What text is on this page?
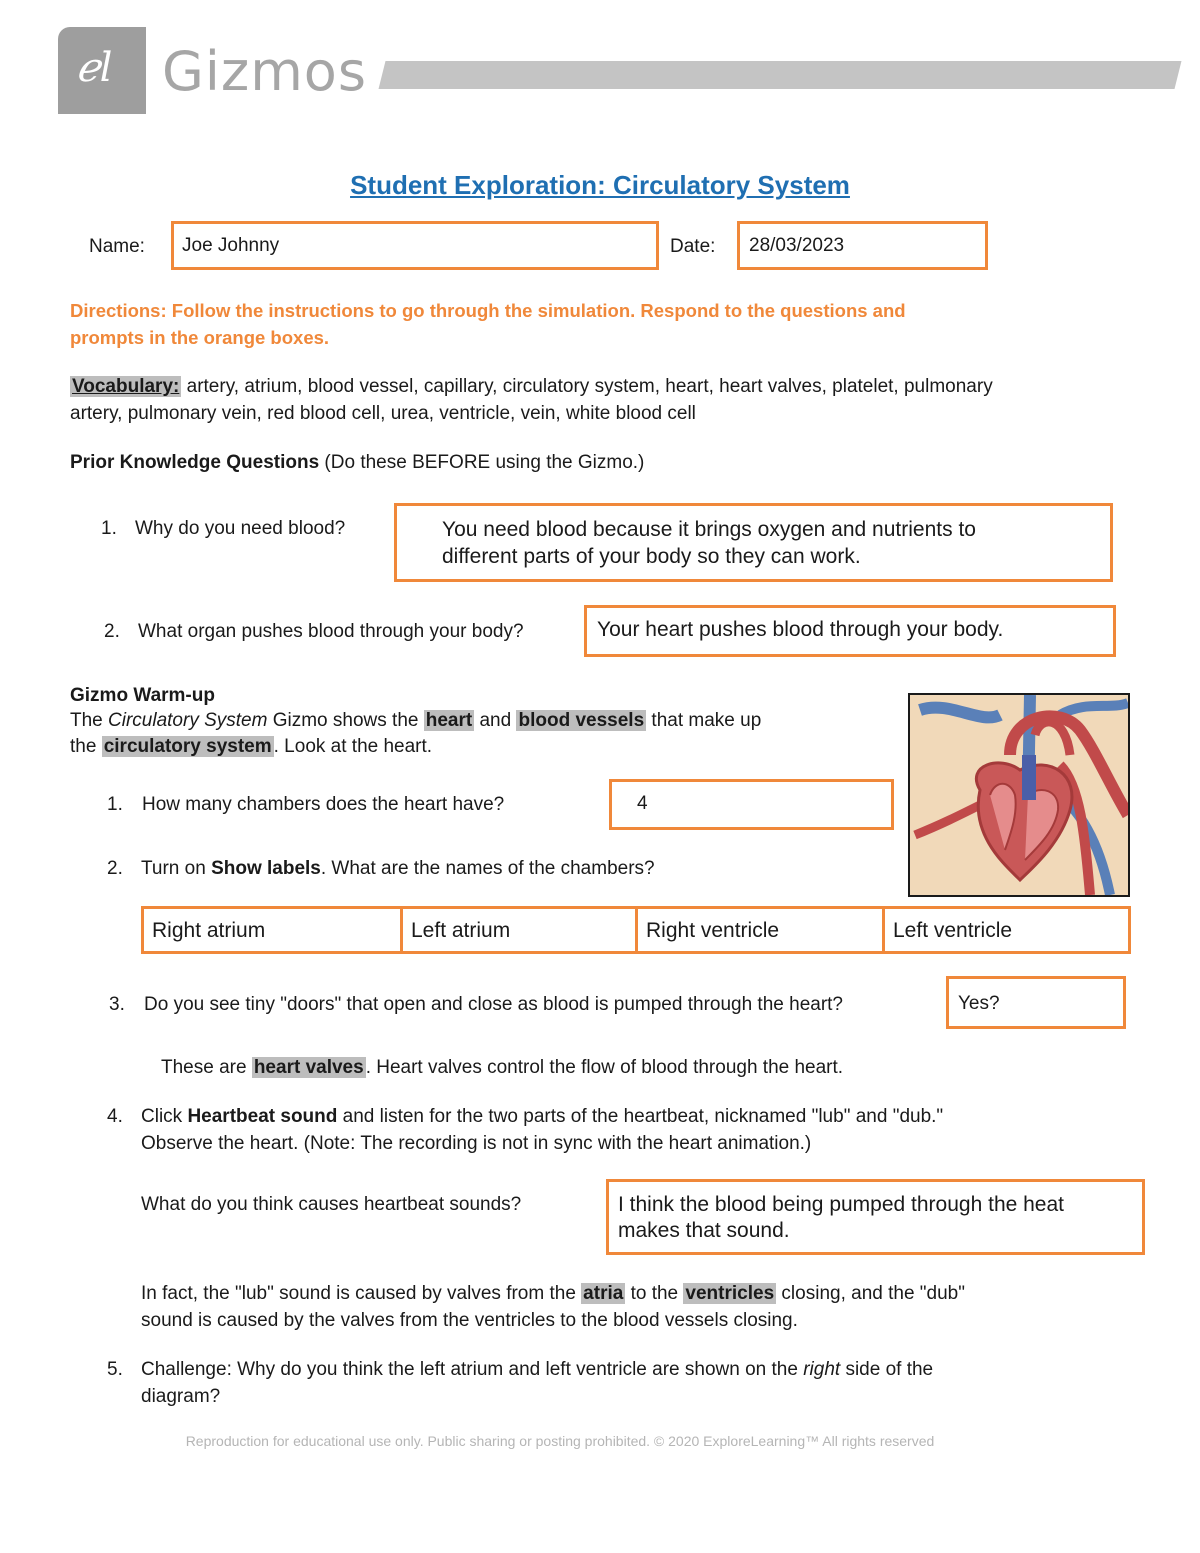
ℯl Gizmos
Student Exploration: Circulatory System
Name: Joe Johnny	Date: 28/03/2023
Directions: Follow the instructions to go through the simulation. Respond to the questions and
prompts in the orange boxes.
Vocabulary: artery, atrium, blood vessel, capillary, circulatory system, heart, heart valves, platelet, pulmonary
artery, pulmonary vein, red blood cell, urea, ventricle, vein, white blood cell
Prior Knowledge Questions (Do these BEFORE using the Gizmo.)
1. Why do you need blood?	You need blood because it brings oxygen and nutrients to
different parts of your body so they can work.
2. What organ pushes blood through your body?	Your heart pushes blood through your body.
Gizmo Warm-up
The Circulatory System Gizmo shows the heart and blood vessels that make up
the circulatory system . Look at the heart.
1. How many chambers does the heart have?	4
2. Turn on Show labels. What are the names of the chambers?
Right atrium	Left atrium	Right ventricle	Left ventricle
3. Do you see tiny "doors" that open and close as blood is pumped through the heart?	Yes?
These are heart valves . Heart valves control the flow of blood through the heart.
4. Click Heartbeat sound and listen for the two parts of the heartbeat, nicknamed "lub" and "dub."
Observe the heart. (Note: The recording is not in sync with the heart animation.)
What do you think causes heartbeat sounds?	I think the blood being pumped through the heat
makes that sound.
In fact, the "lub" sound is caused by valves from the atria to the ventricles closing, and the "dub"
sound is caused by the valves from the ventricles to the blood vessels closing.
5. Challenge: Why do you think the left atrium and left ventricle are shown on the right side of the
diagram?
Reproduction for educational use only. Public sharing or posting prohibited. © 2020 ExploreLearning™ All rights reserved
